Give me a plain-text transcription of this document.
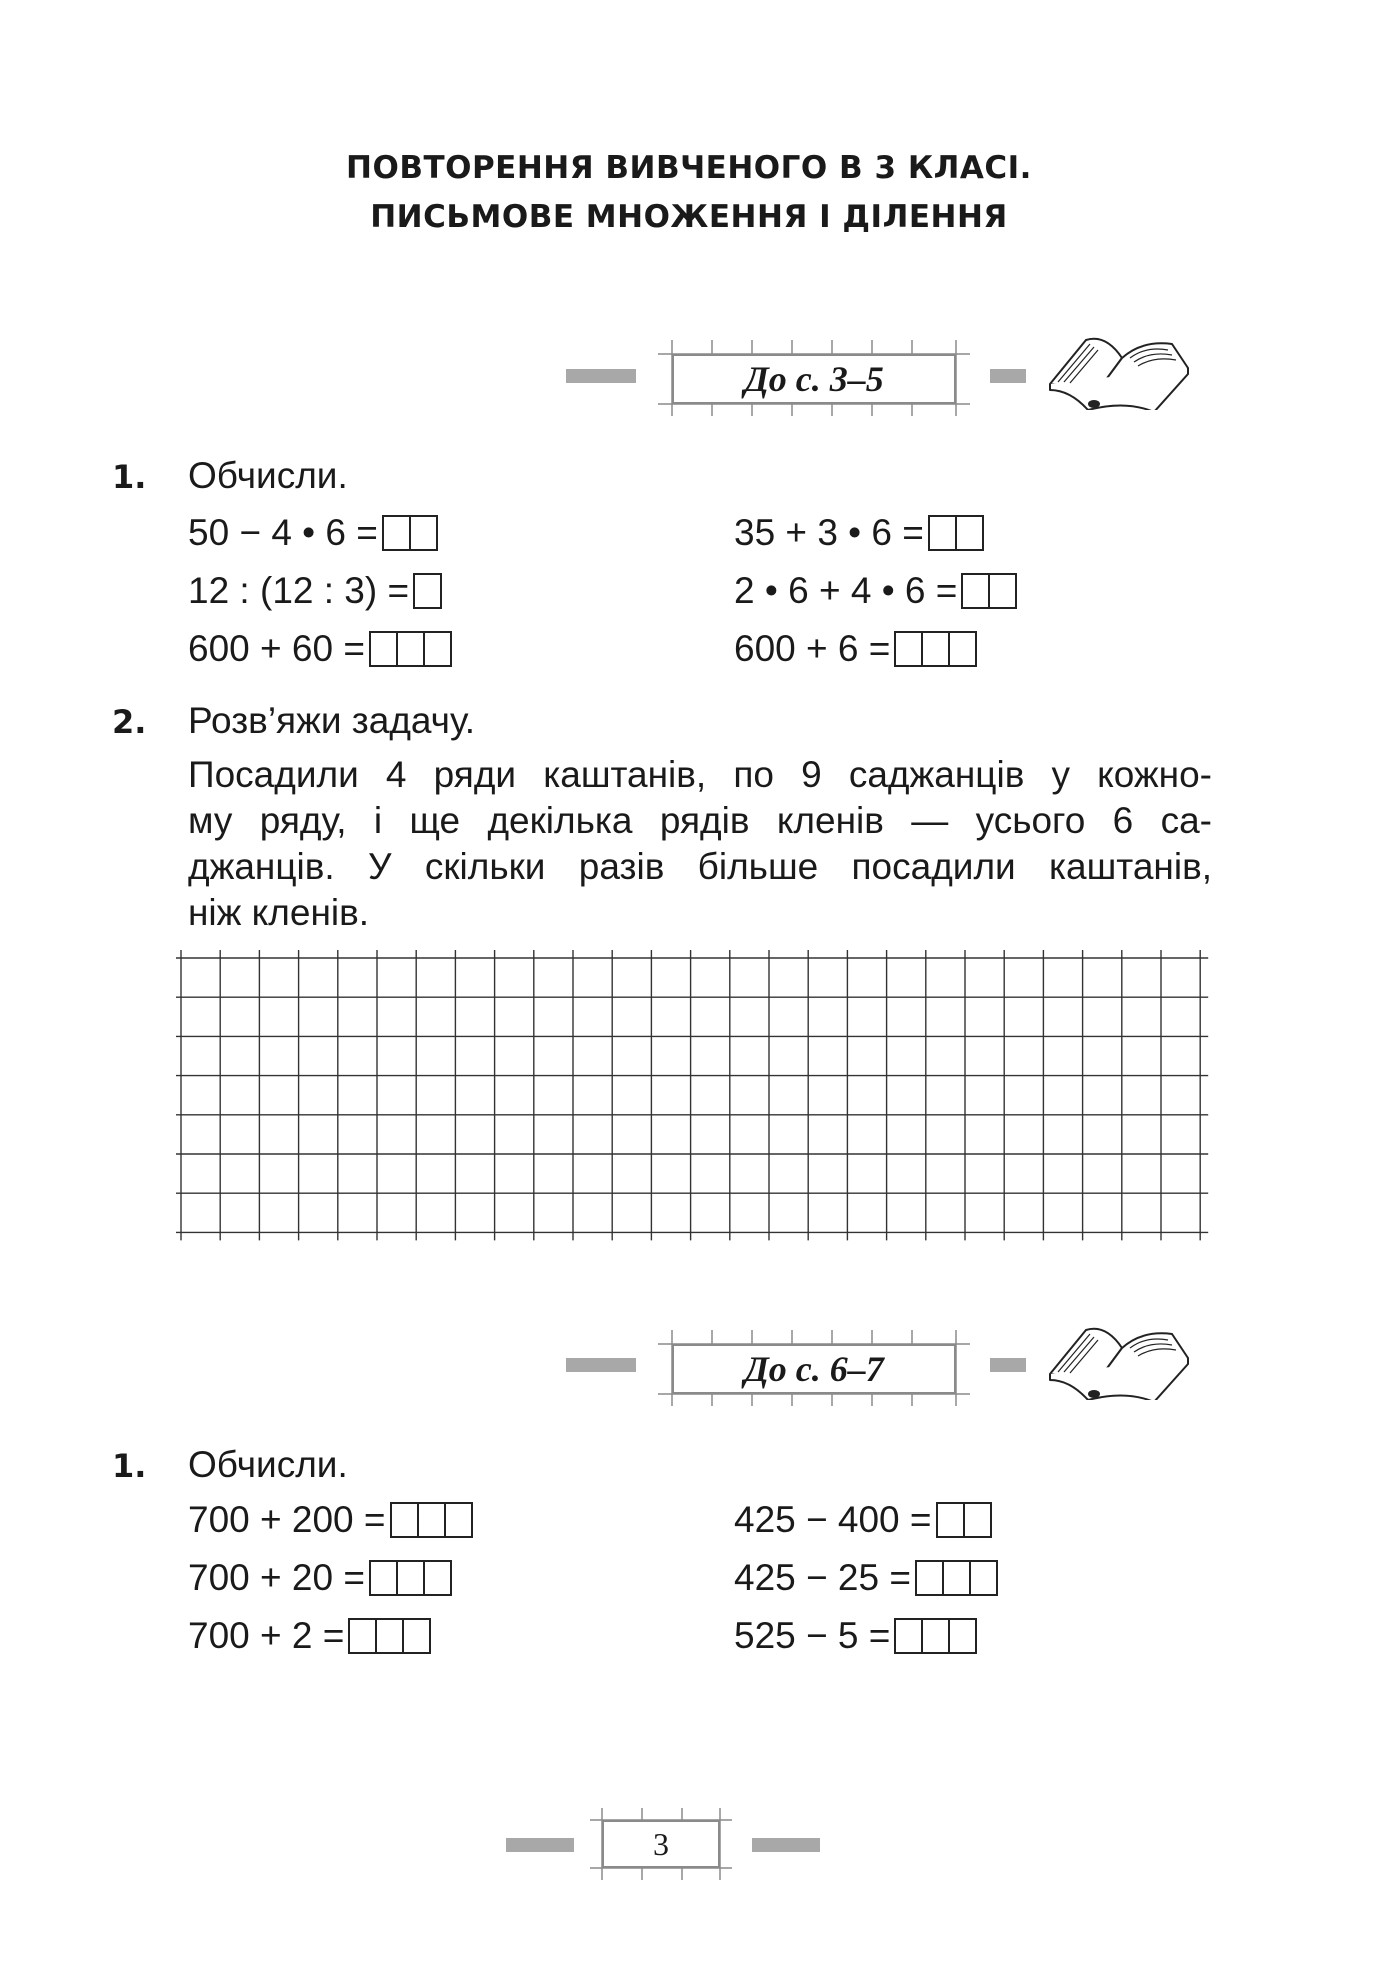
ПОВТОРЕННЯ ВИВЧЕНОГО В 3 КЛАСІ.
ПИСЬМОВЕ МНОЖЕННЯ І ДІЛЕННЯ
До с. 3–5
1. Обчисли.
50 − 4 • 6 =
12 : (12 : 3) =
600 + 60 =
35 + 3 • 6 =
2 • 6 + 4 • 6 =
600 + 6 =
2. Розв’яжи задачу.
Посадили 4 ряди каштанів, по 9 саджанців у кожно-
му ряду, і ще декілька рядів кленів — усього 6 са-
джанців. У скільки разів більше посадили каштанів,
ніж кленів.
До с. 6–7
1. Обчисли.
700 + 200 =
700 + 20 =
700 + 2 =
425 − 400 =
425 − 25 =
525 − 5 =
3
